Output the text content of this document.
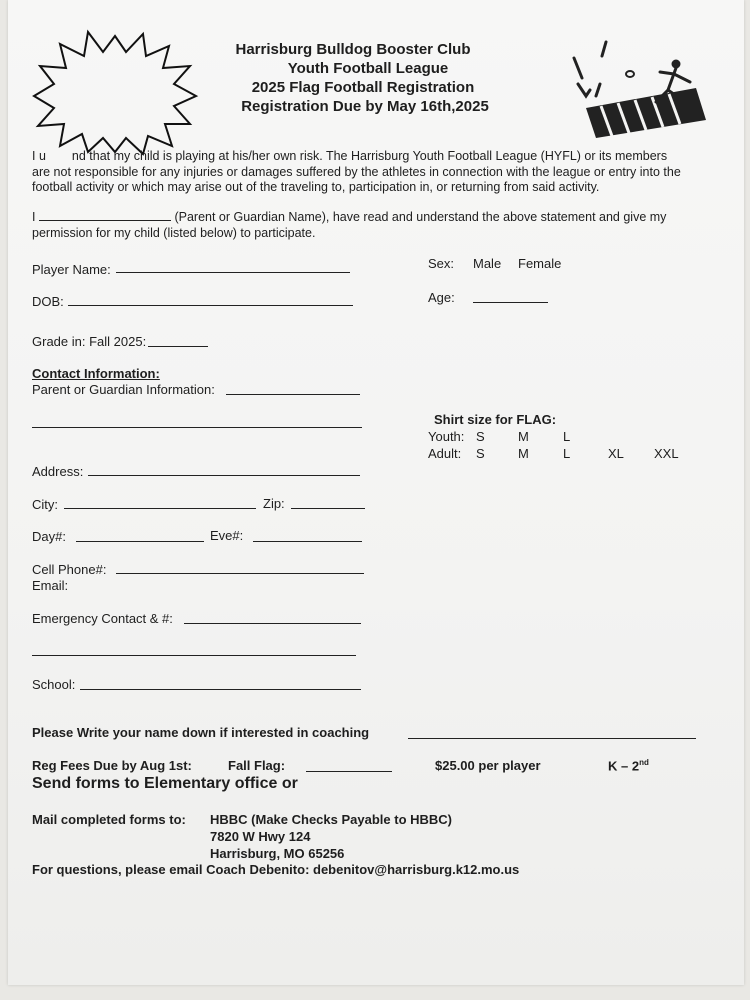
Harrisburg Bulldog Booster Club
Youth Football League
2025 Flag Football Registration
Registration Due by May 16th,2025
I u nd that my child is playing at his/her own risk. The Harrisburg Youth Football League (HYFL) or its members
are not responsible for any injuries or damages suffered by the athletes in connection with the league or entry into the
football activity or which may arise out of the traveling to, participation in, or returning from said activity.
I	(Parent or Guardian Name), have read and understand the above statement and give my
permission for my child (listed below) to participate.
Player Name:	Sex: Male Female
DOB:	Age:
Grade in: Fall 2025:
Contact Information:
Parent or Guardian Information:
Shirt size for FLAG:
Youth: S	M	L
Adult: S	M	L	XL XXL
Address:
City:	Zip:
Day#:	Eve#:
Cell Phone#:
Email:
Emergency Contact & #:
School:
Please Write your name down if interested in coaching
Reg Fees Due by Aug 1st:	Fall Flag:	$25.00 per player	K – 2nd
Send forms to Elementary office or
Mail completed forms to: HBBC (Make Checks Payable to HBBC)
7820 W Hwy 124
Harrisburg, MO 65256
For questions, please email Coach Debenito: debenitov@harrisburg.k12.mo.us
